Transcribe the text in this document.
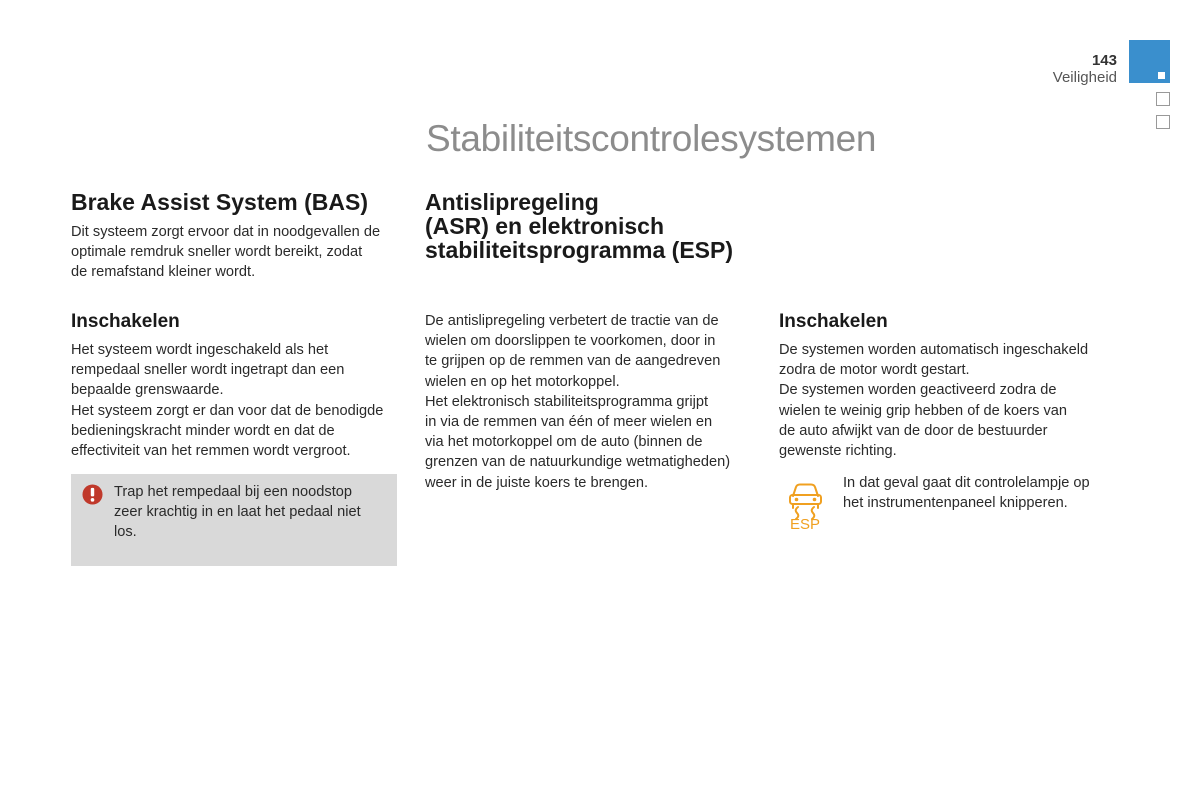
143
Veiligheid
Stabiliteitscontrolesystemen
Brake Assist System (BAS)

Dit systeem zorgt ervoor dat in noodgevallen de

optimale remdruk sneller wordt bereikt, zodat

de remafstand kleiner wordt.

Inschakelen

Het systeem wordt ingeschakeld als het

rempedaal sneller wordt ingetrapt dan een

bepaalde grenswaarde.

Het systeem zorgt er dan voor dat de benodigde

bedieningskracht minder wordt en dat de

effectiviteit van het remmen wordt vergroot.

Trap het rempedaal bij een noodstop

zeer krachtig in en laat het pedaal niet

los.

Antislipregeling
(ASR) en elektronisch
stabiliteitsprogramma (ESP)

De antislipregeling verbetert de tractie van de

wielen om doorslippen te voorkomen, door in

te grijpen op de remmen van de aangedreven

wielen en op het motorkoppel.

Het elektronisch stabiliteitsprogramma grijpt

in via de remmen van één of meer wielen en

via het motorkoppel om de auto (binnen de

grenzen van de natuurkundige wetmatigheden)

weer in de juiste koers te brengen.

Inschakelen

De systemen worden automatisch ingeschakeld

zodra de motor wordt gestart.

De systemen worden geactiveerd zodra de

wielen te weinig grip hebben of de koers van

de auto afwijkt van de door de bestuurder

gewenste richting.

ESP

In dat geval gaat dit controlelampje op

het instrumentenpaneel knipperen.
